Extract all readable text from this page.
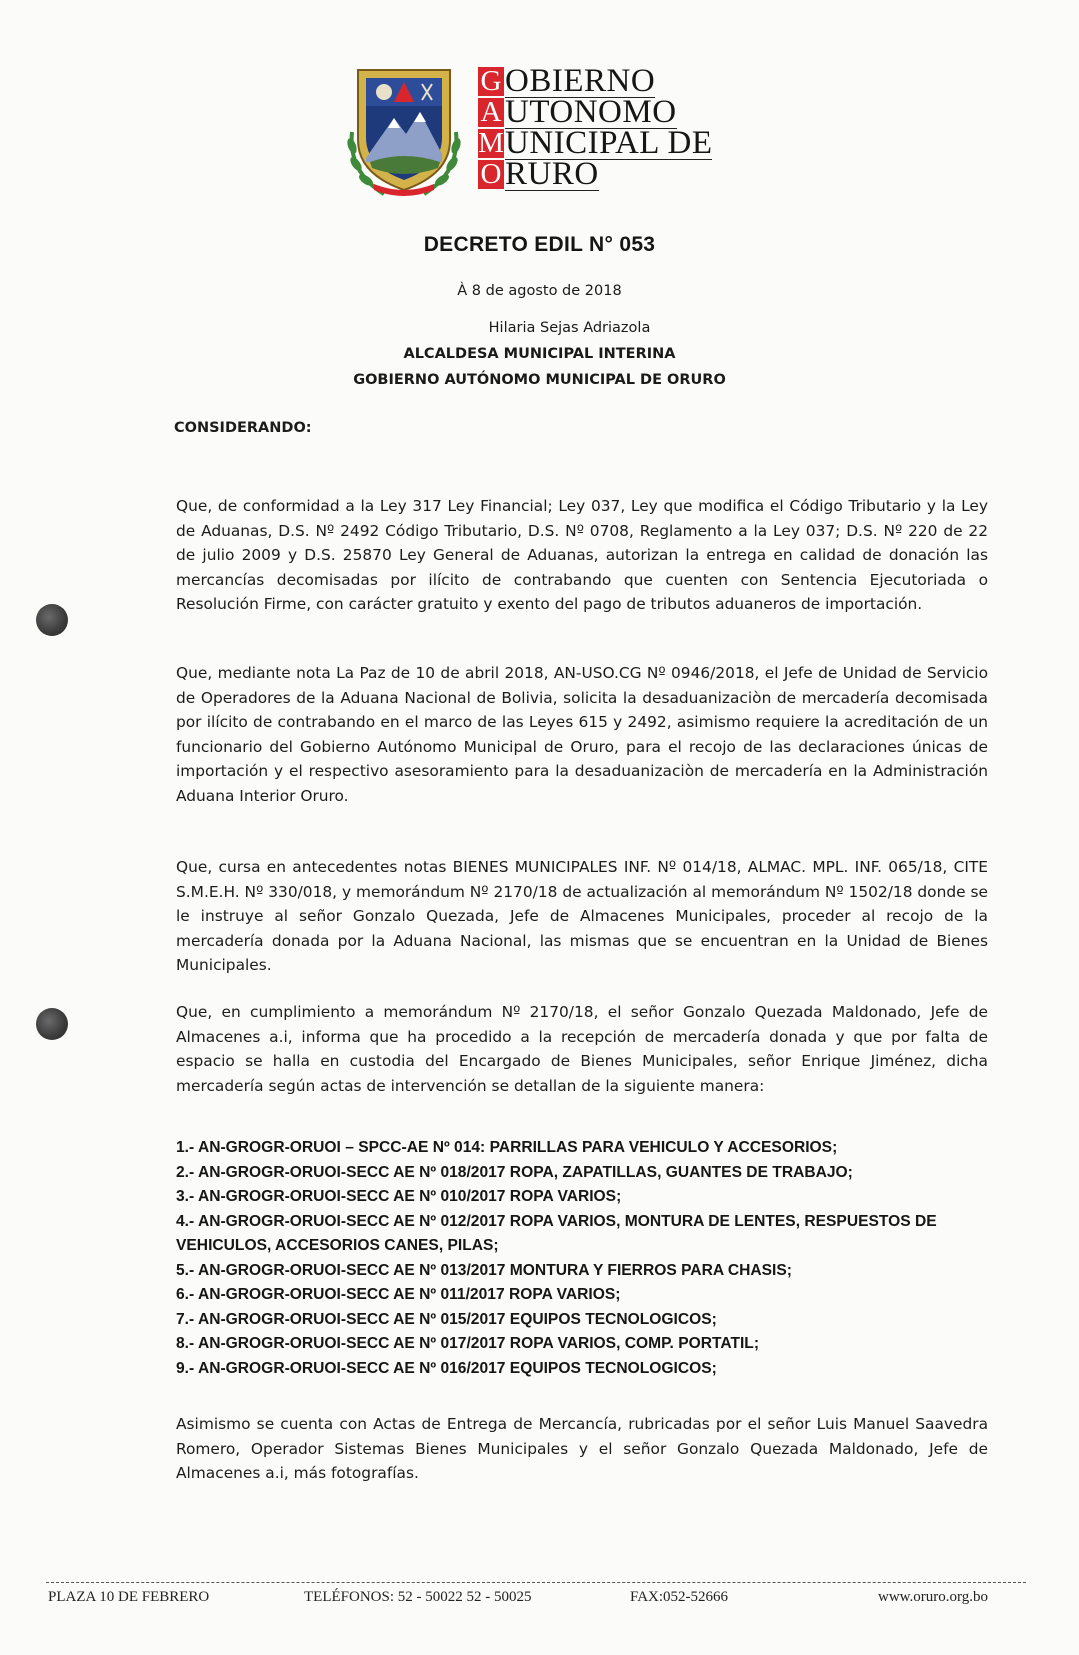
G OBIERNO
A UTONOMO
M UNICIPAL DE
O RURO
DECRETO EDIL N° 053
À 8 de agosto de 2018
Hilaria Sejas Adriazola
ALCALDESA MUNICIPAL INTERINA
GOBIERNO AUTÓNOMO MUNICIPAL DE ORURO
CONSIDERANDO:

Que, de conformidad a la Ley 317 Ley Financial; Ley 037, Ley que modifica el Código Tributario y la Ley de Aduanas, D.S. Nº 2492 Código Tributario, D.S. Nº 0708, Reglamento a la Ley 037; D.S. Nº 220 de 22 de julio 2009 y D.S. 25870 Ley General de Aduanas, autorizan la entrega en calidad de donación las mercancías decomisadas por ilícito de contrabando que cuenten con Sentencia Ejecutoriada o Resolución Firme, con carácter gratuito y exento del pago de tributos aduaneros de importación.

Que, mediante nota La Paz de 10 de abril 2018, AN-USO.CG Nº 0946/2018, el Jefe de Unidad de Servicio de Operadores de la Aduana Nacional de Bolivia, solicita la desaduanizaciòn de mercadería decomisada por ilícito de contrabando en el marco de las Leyes 615 y 2492, asimismo requiere la acreditación de un funcionario del Gobierno Autónomo Municipal de Oruro, para el recojo de las declaraciones únicas de importación y el respectivo asesoramiento para la desaduanizaciòn de mercadería en la Administración Aduana Interior Oruro.

Que, cursa en antecedentes notas BIENES MUNICIPALES INF. Nº 014/18, ALMAC. MPL. INF. 065/18, CITE S.M.E.H. Nº 330/018, y memorándum Nº 2170/18 de actualización al memorándum Nº 1502/18 donde se le instruye al señor Gonzalo Quezada, Jefe de Almacenes Municipales, proceder al recojo de la mercadería donada por la Aduana Nacional, las mismas que se encuentran en la Unidad de Bienes Municipales.

Que, en cumplimiento a memorándum Nº 2170/18, el señor Gonzalo Quezada Maldonado, Jefe de Almacenes a.i, informa que ha procedido a la recepción de mercadería donada y que por falta de espacio se halla en custodia del Encargado de Bienes Municipales, señor Enrique Jiménez, dicha mercadería según actas de intervención se detallan de la siguiente manera:

1.- AN-GROGR-ORUOI – SPCC-AE Nº 014: PARRILLAS PARA VEHICULO Y ACCESORIOS;
2.- AN-GROGR-ORUOI-SECC AE Nº 018/2017 ROPA, ZAPATILLAS, GUANTES DE TRABAJO;
3.- AN-GROGR-ORUOI-SECC AE Nº 010/2017 ROPA VARIOS;
4.- AN-GROGR-ORUOI-SECC AE Nº 012/2017 ROPA VARIOS, MONTURA DE LENTES, RESPUESTOS DE VEHICULOS, ACCESORIOS CANES, PILAS;
5.- AN-GROGR-ORUOI-SECC AE Nº 013/2017 MONTURA Y FIERROS PARA CHASIS;
6.- AN-GROGR-ORUOI-SECC AE Nº 011/2017 ROPA VARIOS;
7.- AN-GROGR-ORUOI-SECC AE Nº 015/2017 EQUIPOS TECNOLOGICOS;
8.- AN-GROGR-ORUOI-SECC AE Nº 017/2017 ROPA VARIOS, COMP. PORTATIL;
9.- AN-GROGR-ORUOI-SECC AE Nº 016/2017 EQUIPOS TECNOLOGICOS;

Asimismo se cuenta con Actas de Entrega de Mercancía, rubricadas por el señor Luis Manuel Saavedra Romero, Operador Sistemas Bienes Municipales y el señor Gonzalo Quezada Maldonado, Jefe de Almacenes a.i, más fotografías.

PLAZA 10 DE FEBRERO	TELÉFONOS: 52 - 50022 52 - 50025	FAX:052-52666	www.oruro.org.bo
